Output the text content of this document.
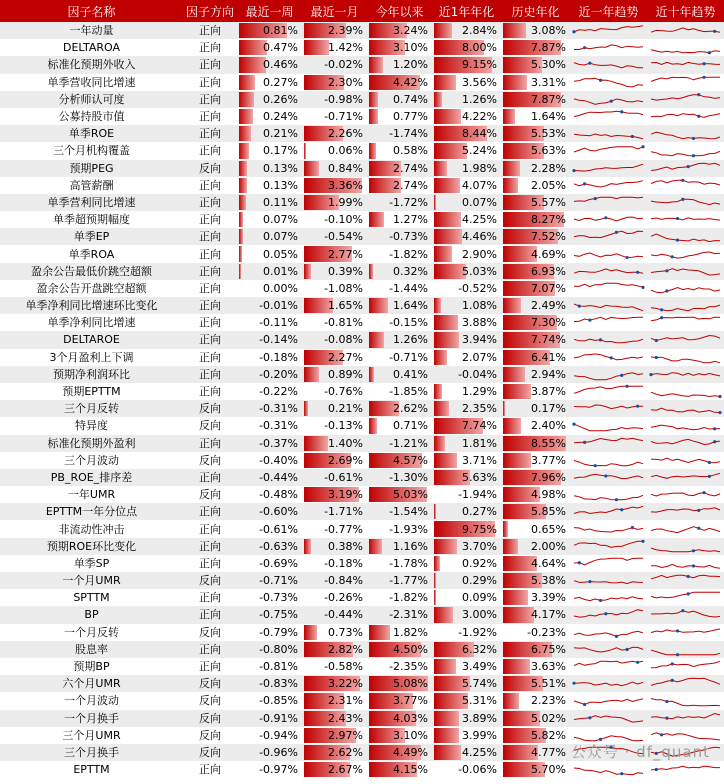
因子名称	因子方向	最近一周	最近一月	今年以来	近1年年化	历史年化	近一年趋势	近十年趋势
一年动量	正向	0.81%	2.39%	3.24%	2.84%	3.08%	

DELTAROA	正向	0.47%	1.42%	3.10%	8.00%	7.87%	

标准化预期外收入	正向	0.46%	-0.02%	1.20%	9.15%	5.30%	

单季营收同比增速	正向	0.27%	2.30%	4.42%	3.56%	3.31%	

分析师认可度	正向	0.26%	-0.98%	0.74%	1.26%	7.87%	

公募持股市值	正向	0.24%	-0.71%	0.77%	4.22%	1.64%	

单季ROE	正向	0.21%	2.26%	-1.74%	8.44%	5.53%	

三个月机构覆盖	正向	0.17%	0.06%	0.58%	5.24%	5.63%	

预期PEG	反向	0.13%	0.84%	2.74%	1.98%	2.28%	

高管薪酬	正向	0.13%	3.36%	2.74%	4.07%	2.05%	

单季营利同比增速	正向	0.11%	1.99%	-1.72%	0.07%	5.57%	

单季超预期幅度	正向	0.07%	-0.10%	1.27%	4.25%	8.27%	

单季EP	正向	0.07%	-0.54%	-0.73%	4.46%	7.52%	

单季ROA	正向	0.05%	2.77%	-1.82%	2.90%	4.69%	

盈余公告最低价跳空超额	正向	0.01%	0.39%	0.32%	5.03%	6.93%	

盈余公告开盘跳空超额	正向	0.00%	-1.08%	-1.44%	-0.52%	7.07%	

单季净利同比增速环比变化	正向	-0.01%	1.65%	1.64%	1.08%	2.49%	

单季净利同比增速	正向	-0.11%	-0.81%	-0.15%	3.88%	7.30%	

DELTAROE	正向	-0.14%	-0.08%	1.26%	3.94%	7.74%	

3个月盈利上下调	正向	-0.18%	2.27%	-0.71%	2.07%	6.41%	

预期净利润环比	正向	-0.20%	0.89%	0.41%	-0.04%	2.94%	

预期EPTTM	正向	-0.22%	-0.76%	-1.85%	1.29%	3.87%	

三个月反转	反向	-0.31%	0.21%	2.62%	2.35%	0.17%	

特异度	反向	-0.31%	-0.13%	0.71%	7.74%	2.40%	

标准化预期外盈利	正向	-0.37%	1.40%	-1.21%	1.81%	8.55%	

三个月波动	反向	-0.40%	2.69%	4.57%	3.71%	3.77%	

PB_ROE_排序差	正向	-0.44%	-0.61%	-1.30%	5.63%	7.96%	

一年UMR	反向	-0.48%	3.19%	5.03%	-1.94%	4.98%	

EPTTM一年分位点	正向	-0.60%	-1.71%	-1.54%	0.27%	5.85%	

非流动性冲击	正向	-0.61%	-0.77%	-1.93%	9.75%	0.65%	

预期ROE环比变化	正向	-0.63%	0.38%	1.16%	3.70%	2.00%	

单季SP	正向	-0.69%	-0.18%	-1.78%	0.92%	4.64%	

一个月UMR	反向	-0.71%	-0.84%	-1.77%	0.29%	5.38%	

SPTTM	正向	-0.73%	-0.26%	-1.82%	0.09%	3.39%	

BP	正向	-0.75%	-0.44%	-2.31%	3.00%	4.17%	

一个月反转	反向	-0.79%	0.73%	1.82%	-1.92%	-0.23%	

股息率	正向	-0.80%	2.82%	4.50%	6.32%	6.75%	

预期BP	正向	-0.81%	-0.58%	-2.35%	3.49%	3.63%	

六个月UMR	反向	-0.83%	3.22%	5.08%	5.74%	5.51%	

一个月波动	反向	-0.85%	2.31%	3.77%	5.31%	2.23%	

一个月换手	反向	-0.91%	2.43%	4.03%	3.89%	5.02%	

三个月UMR	反向	-0.94%	2.97%	3.10%	3.99%	5.82%	

三个月换手	反向	-0.96%	2.62%	4.49%	4.25%	4.77%	

EPTTM	正向	-0.97%	2.67%	4.15%	-0.06%	5.70%	

公众号 · df_quant
